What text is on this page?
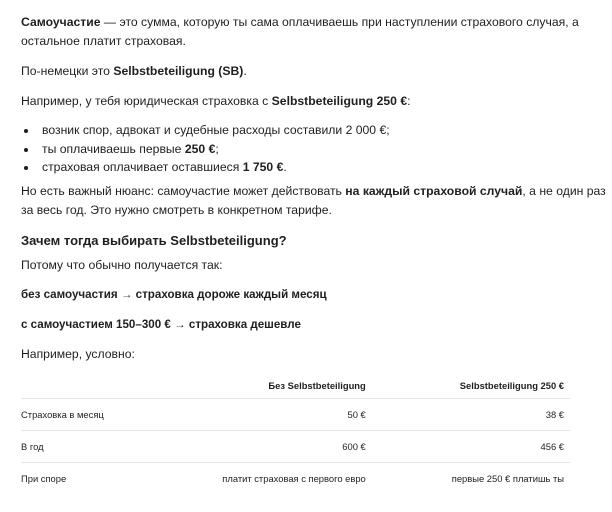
Самоучастие — это сумма, которую ты сама оплачиваешь при наступлении страхового случая, а
остальное платит страховая.
По-немецки это Selbstbeteiligung (SB).
Например, у тебя юридическая страховка с Selbstbeteiligung 250 €:
возник спор, адвокат и судебные расходы составили 2 000 €;
ты оплачиваешь первые 250 €;
страховая оплачивает оставшиеся 1 750 €.
Но есть важный нюанс: самоучастие может действовать на каждый страховой случай, а не один раз
за весь год. Это нужно смотреть в конкретном тарифе.
Зачем тогда выбирать Selbstbeteiligung?
Потому что обычно получается так:
без самоучастия → страховка дороже каждый месяц
с самоучастием 150–300 € → страховка дешевле
Например, условно:
	Без Selbstbeteiligung	Selbstbeteiligung 250 €
Страховка в месяц	50 €	38 €
В год	600 €	456 €
При споре	платит страховая с первого евро	первые 250 € платишь ты
